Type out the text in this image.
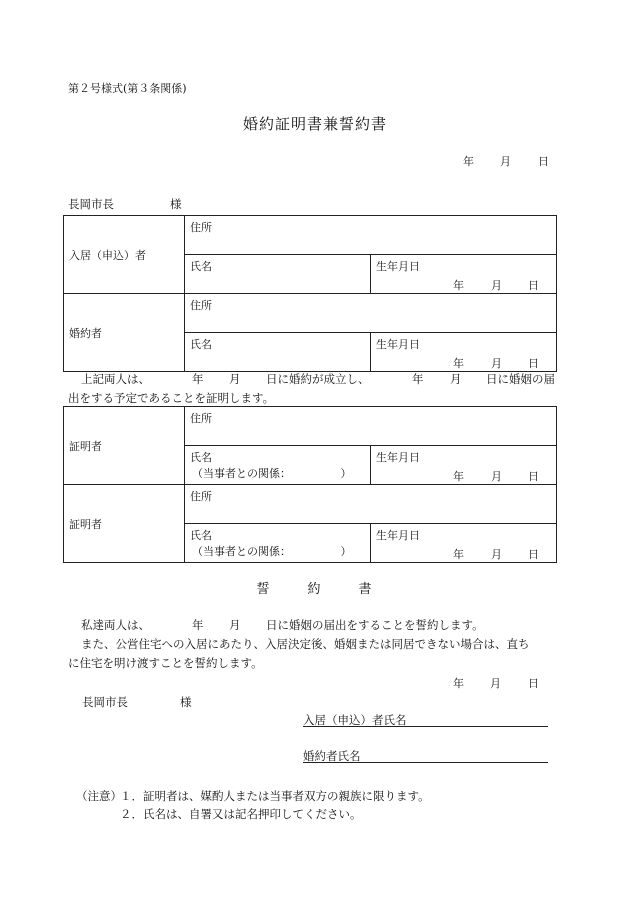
第２号様式(第３条関係)
婚約証明書兼誓約書
年 月 日
長岡市長	様
入居（申込）者	住所	

	氏名	生年月日
年 月 日

婚約者	住所	

	氏名	生年月日
年 月 日
上記両人は、	年 月 日に婚約が成立し、	年 月 日に婚姻の届
出をする予定であることを証明します。
証明者	住所	

	氏名
（当事者との関係：　　　　　）	生年月日
年 月 日

証明者	住所	

	氏名
（当事者との関係：　　　　　）	生年月日
年 月 日
誓	約	書
私達両人は、	年 月 日に婚姻の届出をすることを誓約します。
また、公営住宅への入居にあたり、入居決定後、婚姻または同居できない場合は、直ち
に住宅を明け渡すことを誓約します。
年 月 日
長岡市長	様
入居（申込）者氏名
婚約者氏名
（注意）
１．証明者は、媒酌人または当事者双方の親族に限ります。
２．氏名は、自署又は記名押印してください。
